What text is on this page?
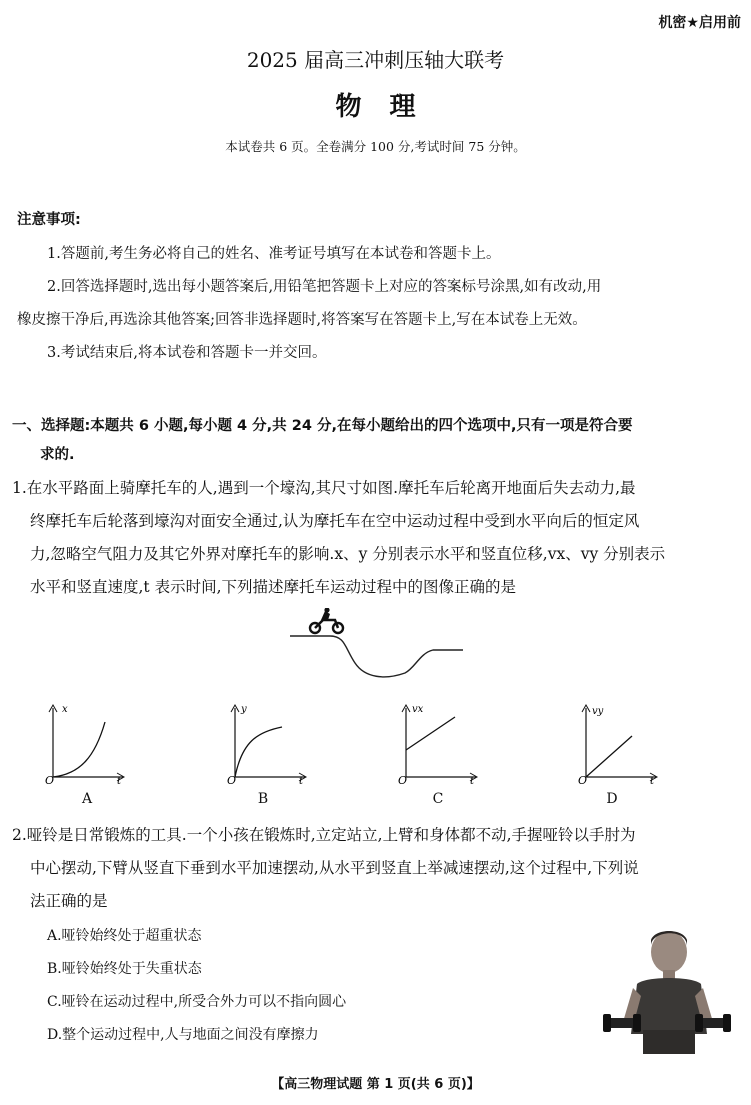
机密★启用前
2025 届高三冲刺压轴大联考
物理
本试卷共 6 页。全卷满分 100 分,考试时间 75 分钟。
注意事项:
1.答题前,考生务必将自己的姓名、准考证号填写在本试卷和答题卡上。
2.回答选择题时,选出每小题答案后,用铅笔把答题卡上对应的答案标号涂黑,如有改动,用
橡皮擦干净后,再选涂其他答案;回答非选择题时,将答案写在答题卡上,写在本试卷上无效。
3.考试结束后,将本试卷和答题卡一并交回。
一、选择题:本题共 6 小题,每小题 4 分,共 24 分,在每小题给出的四个选项中,只有一项是符合要
求的.
1.在水平路面上骑摩托车的人,遇到一个壕沟,其尺寸如图.摩托车后轮离开地面后失去动力,最
终摩托车后轮落到壕沟对面安全通过,认为摩托车在空中运动过程中受到水平向后的恒定风
力,忽略空气阻力及其它外界对摩托车的影响.x、y 分别表示水平和竖直位移,vx、vy 分别表示
水平和竖直速度,t 表示时间,下列描述摩托车运动过程中的图像正确的是
x
t
O
A
y
t
O
B
vx
t
O
C
vy
t
O
D
2.哑铃是日常锻炼的工具.一个小孩在锻炼时,立定站立,上臂和身体都不动,手握哑铃以手肘为
中心摆动,下臂从竖直下垂到水平加速摆动,从水平到竖直上举减速摆动,这个过程中,下列说
法正确的是
A.哑铃始终处于超重状态
B.哑铃始终处于失重状态
C.哑铃在运动过程中,所受合外力可以不指向圆心
D.整个运动过程中,人与地面之间没有摩擦力
【高三物理试题 第 1 页(共 6 页)】
